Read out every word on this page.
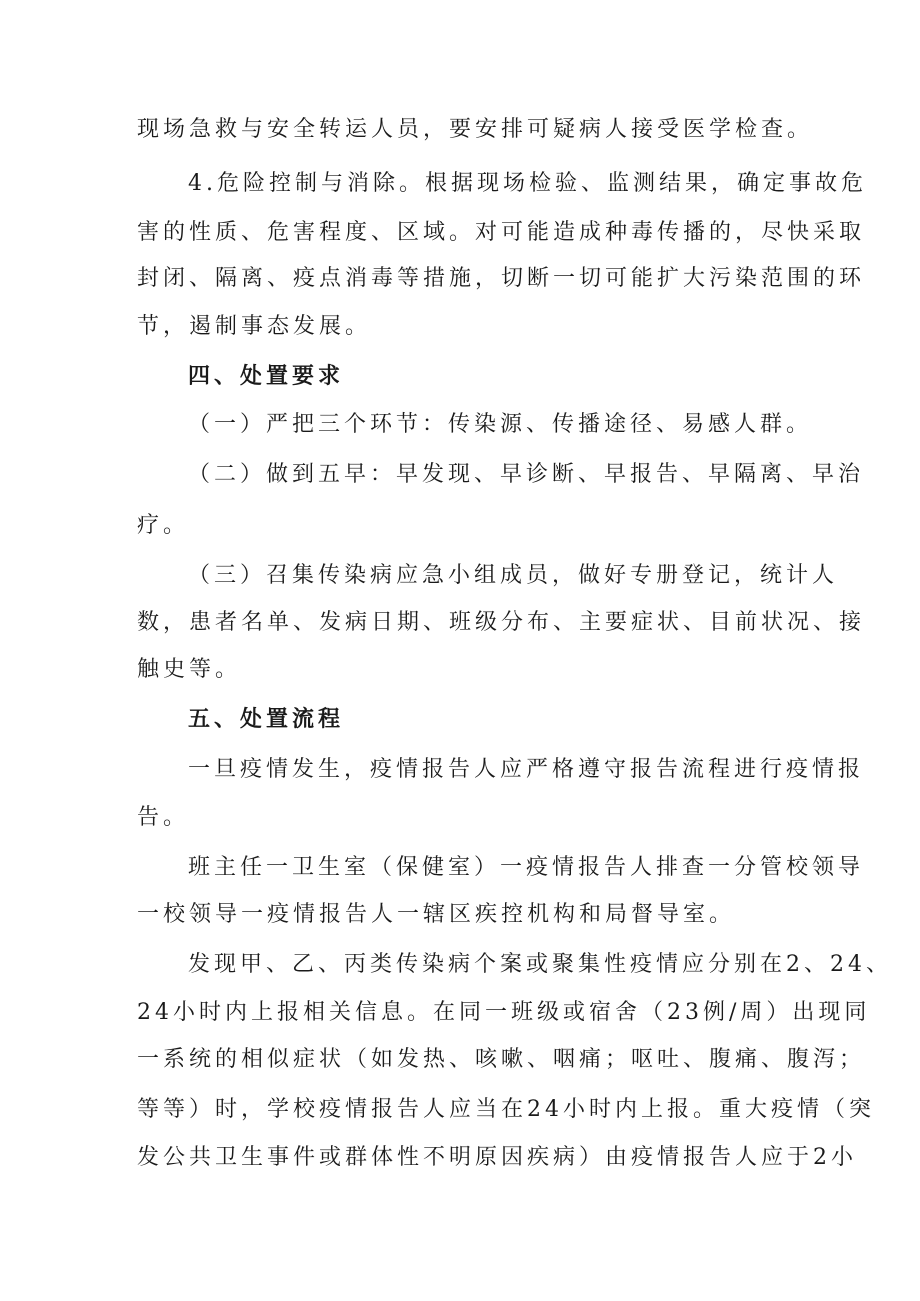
现场急救与安全转运人员，要安排可疑病人接受医学检查。
4.危险控制与消除。根据现场检验、监测结果，确定事故危
害的性质、危害程度、区域。对可能造成种毒传播的，尽快采取
封闭、隔离、疫点消毒等措施，切断一切可能扩大污染范围的环
节，遏制事态发展。
四、处置要求
（一）严把三个环节：传染源、传播途径、易感人群。
（二）做到五早：早发现、早诊断、早报告、早隔离、早治
疗。
（三）召集传染病应急小组成员，做好专册登记，统计人
数，患者名单、发病日期、班级分布、主要症状、目前状况、接
触史等。
五、处置流程
一旦疫情发生，疫情报告人应严格遵守报告流程进行疫情报
告。
班主任一卫生室（保健室）一疫情报告人排查一分管校领导
一校领导一疫情报告人一辖区疾控机构和局督导室。
发现甲、乙、丙类传染病个案或聚集性疫情应分别在2、24、
24小时内上报相关信息。在同一班级或宿舍（23例/周）出现同
一系统的相似症状（如发热、咳嗽、咽痛；呕吐、腹痛、腹泻；
等等）时，学校疫情报告人应当在24小时内上报。重大疫情（突
发公共卫生事件或群体性不明原因疾病）由疫情报告人应于2小
